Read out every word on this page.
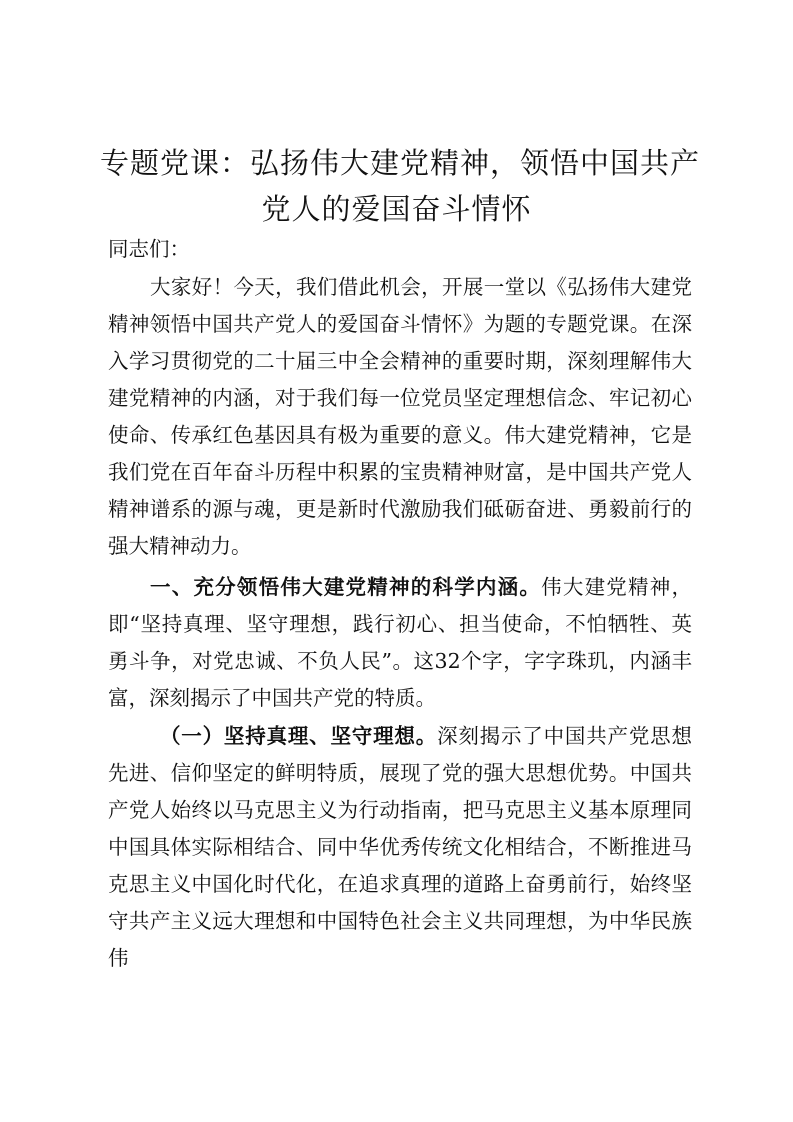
专题党课：弘扬伟大建党精神，领悟中国共产
党人的爱国奋斗情怀
同志们：
大家好！今天，我们借此机会，开展一堂以《弘扬伟大建党精神领悟中国共产党人的爱国奋斗情怀》为题的专题党课。在深入学习贯彻党的二十届三中全会精神的重要时期，深刻理解伟大建党精神的内涵，对于我们每一位党员坚定理想信念、牢记初心使命、传承红色基因具有极为重要的意义。伟大建党精神，它是我们党在百年奋斗历程中积累的宝贵精神财富，是中国共产党人精神谱系的源与魂，更是新时代激励我们砥砺奋进、勇毅前行的强大精神动力。
一、充分领悟伟大建党精神的科学内涵。伟大建党精神，即“坚持真理、坚守理想，践行初心、担当使命，不怕牺牲、英勇斗争，对党忠诚、不负人民”。这32个字，字字珠玑，内涵丰富，深刻揭示了中国共产党的特质。
（一）坚持真理、坚守理想。深刻揭示了中国共产党思想先进、信仰坚定的鲜明特质，展现了党的强大思想优势。中国共产党人始终以马克思主义为行动指南，把马克思主义基本原理同中国具体实际相结合、同中华优秀传统文化相结合，不断推进马克思主义中国化时代化，在追求真理的道路上奋勇前行，始终坚守共产主义远大理想和中国特色社会主义共同理想，为中华民族伟
